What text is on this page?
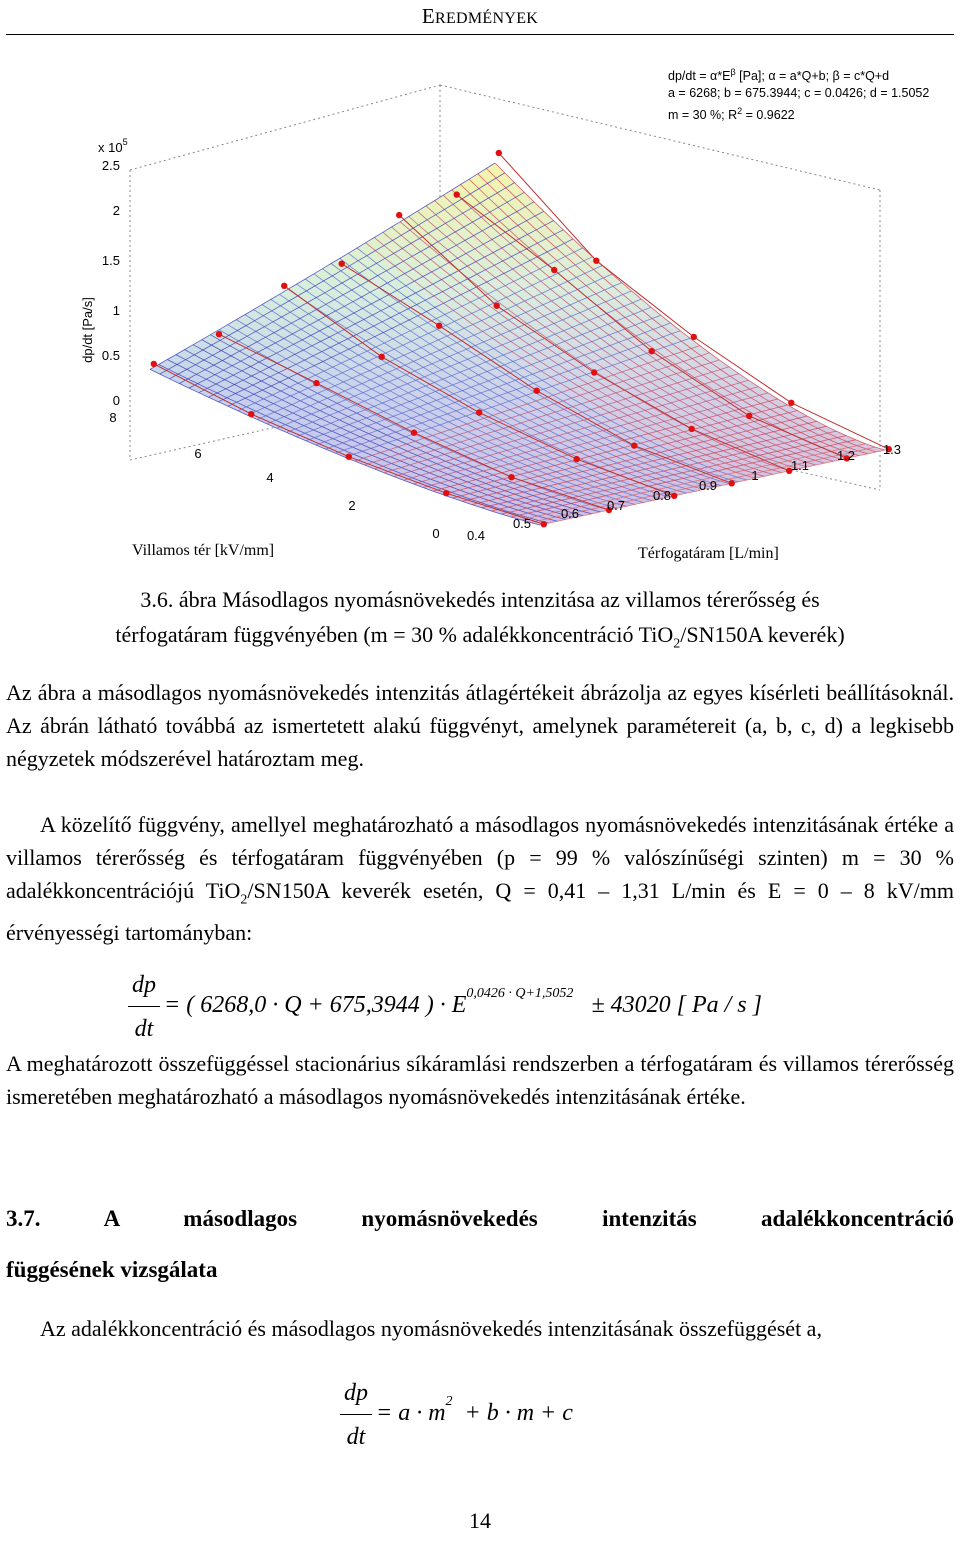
EREDMÉNYEK
$dp/dt = \alpha*E^\beta$ [Pa]; α = a*Q+b; β = c*Q+d
a = 6268; b = 675.3944; c = 0.0426; d = 1.5052
m = 30 %; $R^2 = 0.9622$
x $10^5$
2.5
2
1.5
1
0.5
0
dp/dt [Pa/s]
8
6
4
2
0
Villamos tér [kV/mm]
0.4
0.5
0.6
0.7
0.8
0.9
1
1.1
1.2 1.3
Térfogatáram [L/min]
3.6. ábra Másodlagos nyomásnövekedés intenzitása az villamos térerősség és
térfogatáram függvényében (m = 30 % adalékkoncentráció TiO$_2$/SN150A keverék)
Az ábra a másodlagos nyomásnövekedés intenzitás átlagértékeit ábrázolja az egyes kísérleti beállításoknál. Az ábrán látható továbbá az ismertetett alakú függvényt, amelynek paramétereit (a, b, c, d) a legkisebb négyzetek módszerével határoztam meg.
A közelítő függvény, amellyel meghatározható a másodlagos nyomásnövekedés intenzitásának értéke a villamos térerősség és térfogatáram függvényében (p = 99 % valószínűségi szinten) m = 30 % adalékkoncentrációjú TiO$_2$/SN150A keverék esetén, Q = 0,41 – 1,31 L/min és E = 0 – 8 kV/mm érvényességi tartományban:
dp
dt
= ( 6268,0 · Q + 675,3944 ) · $E^{0,0426 \cdot Q+1,5052} \pm 43020$ [ Pa / s ]
A meghatározott összefüggéssel stacionárius síkáramlási rendszerben a térfogatáram és villamos térerősség ismeretében meghatározható a másodlagos nyomásnövekedés intenzitásának értéke.
3.7.	A	másodlagos	nyomásnövekedés	intenzitás	adalékkoncentráció
függésének vizsgálata
Az adalékkoncentráció és másodlagos nyomásnövekedés intenzitásának összefüggését a,
dp
dt
= $a \cdot m^2 + b \cdot m + c$
14
